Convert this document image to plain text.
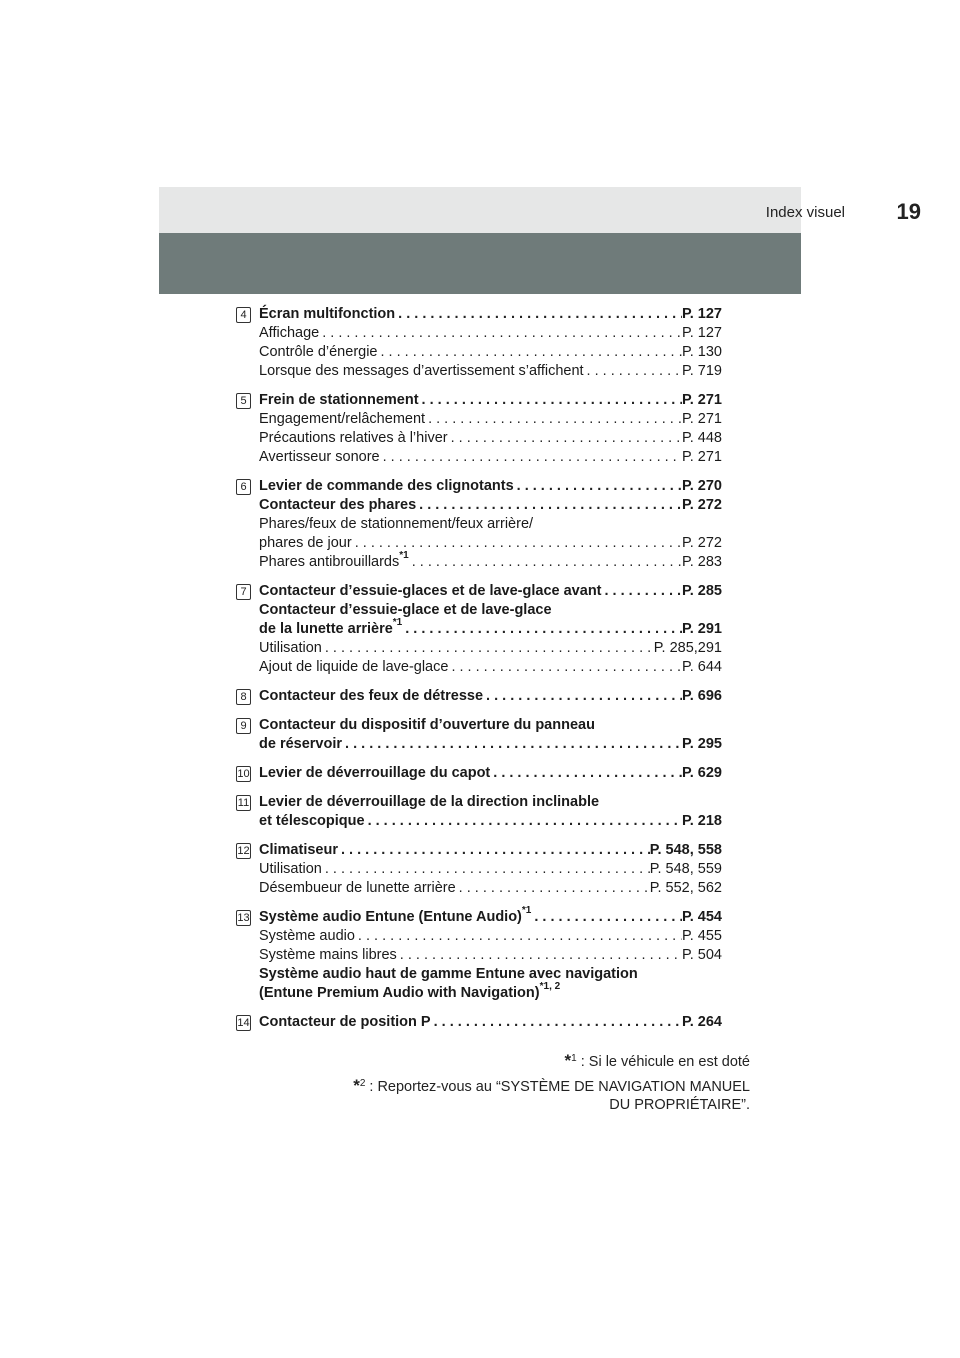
Index visuel 19
4 Écran multifonction . . .	P. 127
Affichage . . .	P. 127
Contrôle d’énergie . . .	P. 130
Lorsque des messages d’avertissement s’affichent . . .	P. 719
5 Frein de stationnement . . .	P. 271
Engagement/relâchement . . .	P. 271
Précautions relatives à l’hiver . . .	P. 448
Avertisseur sonore . . .	P. 271
6 Levier de commande des clignotants . . .	P. 270
Contacteur des phares . . .	P. 272
Phares/feux de stationnement/feux arrière/
phares de jour . . .	P. 272
Phares antibrouillards$^{*1}$ . . .	P. 283
7 Contacteur d’essuie-glaces et de lave-glace avant . . .	P. 285
Contacteur d’essuie-glace et de lave-glace
de la lunette arrière$^{*1}$ . . .	P. 291
Utilisation . . .	P. 285,291
Ajout de liquide de lave-glace . . .	P. 644
8 Contacteur des feux de détresse . . .	P. 696
9 Contacteur du dispositif d’ouverture du panneau
de réservoir . . .	P. 295
10 Levier de déverrouillage du capot . . .	P. 629
11 Levier de déverrouillage de la direction inclinable
et télescopique . . .	P. 218
12 Climatiseur . . .	P. 548, 558
Utilisation . . .	P. 548, 559
Désembueur de lunette arrière . . .	P. 552, 562
13 Système audio Entune (Entune Audio)$^{*1}$ . . .	P. 454
Système audio . . .	P. 455
Système mains libres . . .	P. 504
Système audio haut de gamme Entune avec navigation
(Entune Premium Audio with Navigation)$^{*1, 2}$
14 Contacteur de position P . . .	P. 264
*$^1$ : Si le véhicule en est doté
*$^2$ : Reportez-vous au “SYSTÈME DE NAVIGATION MANUEL
DU PROPRIÉTAIRE”.
